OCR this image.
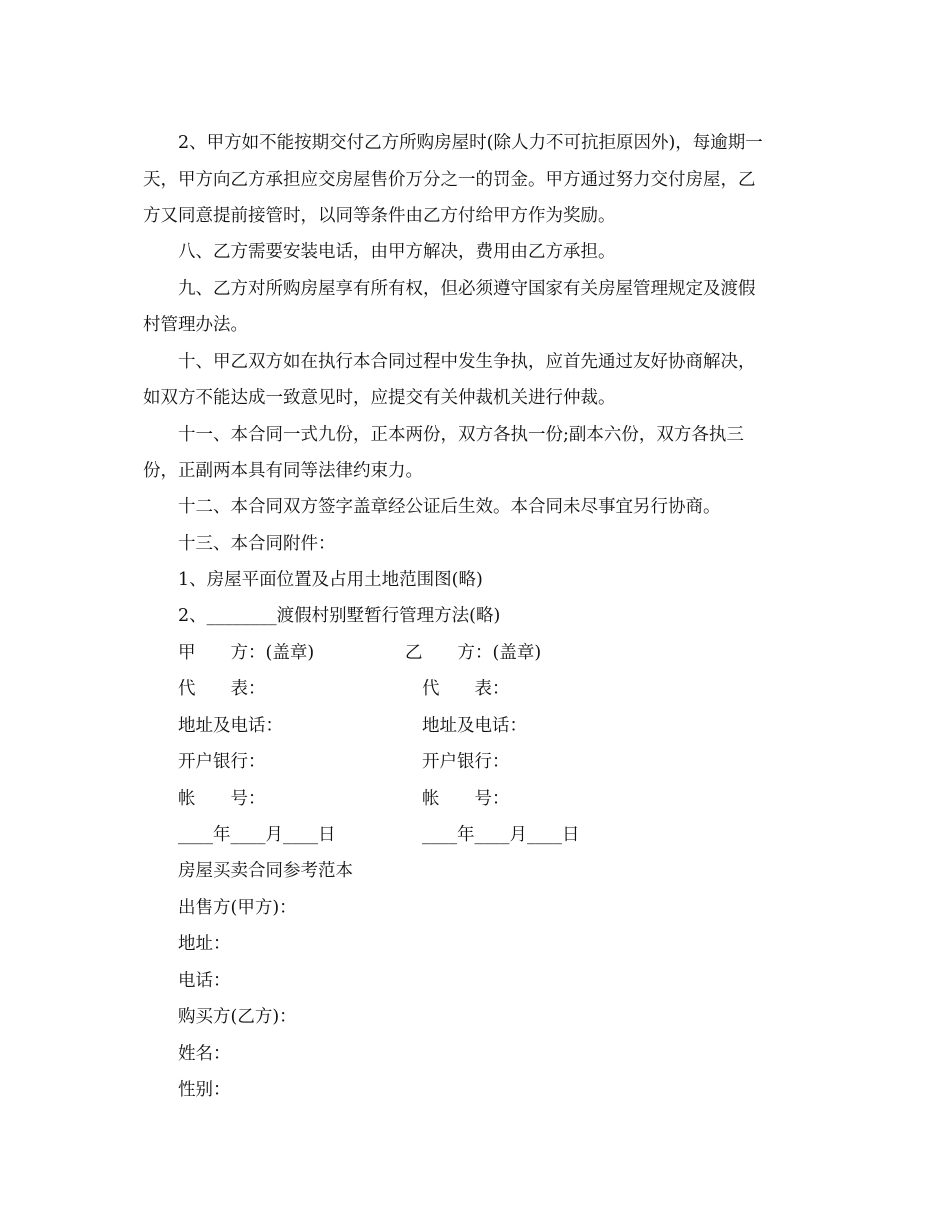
2、甲方如不能按期交付乙方所购房屋时(除人力不可抗拒原因外)，每逾期一
天，甲方向乙方承担应交房屋售价万分之一的罚金。甲方通过努力交付房屋，乙
方又同意提前接管时，以同等条件由乙方付给甲方作为奖励。
八、乙方需要安装电话，由甲方解决，费用由乙方承担。
九、乙方对所购房屋享有所有权，但必须遵守国家有关房屋管理规定及渡假
村管理办法。
十、甲乙双方如在执行本合同过程中发生争执，应首先通过友好协商解决，
如双方不能达成一致意见时，应提交有关仲裁机关进行仲裁。
十一、本合同一式九份，正本两份，双方各执一份;副本六份，双方各执三
份，正副两本具有同等法律约束力。
十二、本合同双方签字盖章经公证后生效。本合同未尽事宜另行协商。
十三、本合同附件：
1、房屋平面位置及占用土地范围图(略)
2、________渡假村别墅暂行管理方法(略)
甲　　方：(盖章)	乙　　方：(盖章)
代　　表：	代　　表：
地址及电话：	地址及电话：
开户银行：	开户银行：
帐　　号：	帐　　号：
____年____月____日	____年____月____日
房屋买卖合同参考范本
出售方(甲方)：
地址：
电话：
购买方(乙方)：
姓名：
性别：
